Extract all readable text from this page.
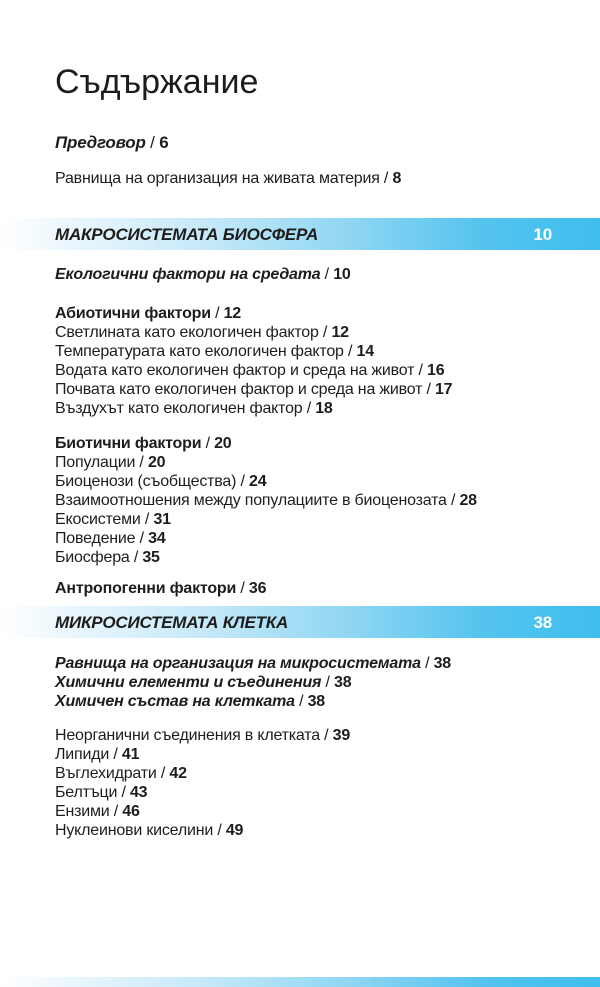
Съдържание
Предговор / 6
Равнища на организация на живата материя / 8
МАКРОСИСТЕМАТА БИОСФЕРА	10
Екологични фактори на средата / 10
Абиотични фактори / 12
Светлината като екологичен фактор / 12
Температурата като екологичен фактор / 14
Водата като екологичен фактор и среда на живот / 16
Почвата като екологичен фактор и среда на живот / 17
Въздухът като екологичен фактор / 18
Биотични фактори / 20
Популации / 20
Биоценози (съобщества) / 24
Взаимоотношения между популациите в биоценозата / 28
Екосистеми / 31
Поведение / 34
Биосфера / 35
Антропогенни фактори / 36
МИКРОСИСТЕМАТА КЛЕТКА	38
Равнища на организация на микросистемата / 38
Химични елементи и съединения / 38
Химичен състав на клетката / 38
Неорганични съединения в клетката / 39
Липиди / 41
Въглехидрати / 42
Белтъци / 43
Ензими / 46
Нуклеинови киселини / 49
